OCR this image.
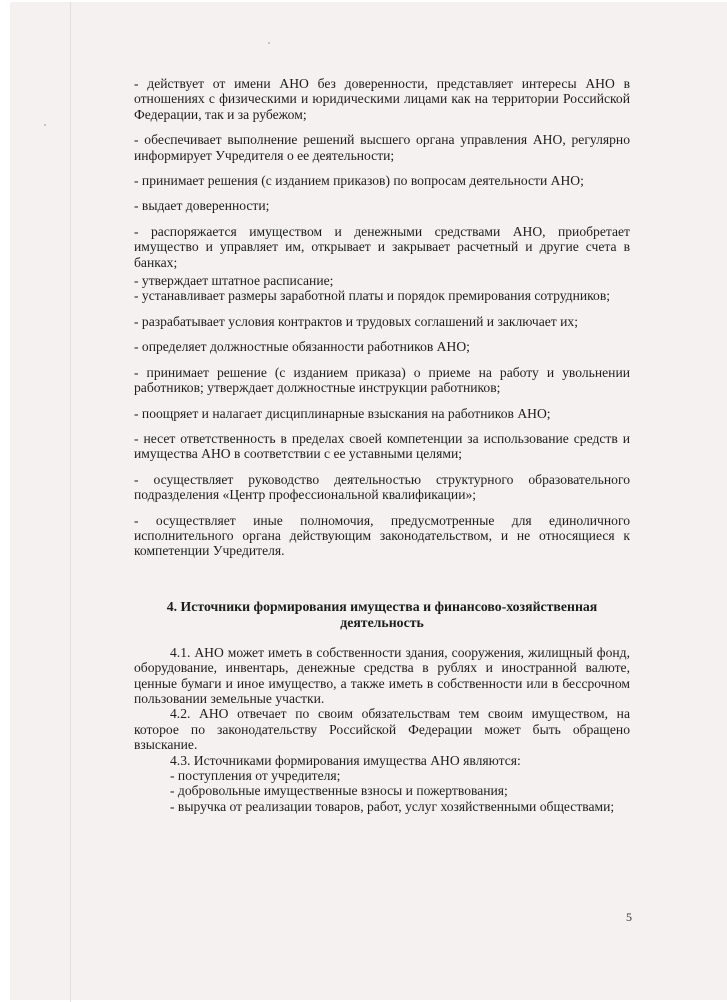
- действует от имени АНО без доверенности, представляет интересы АНО в отношениях с физическими и юридическими лицами как на территории Российской Федерации, так и за рубежом;

- обеспечивает выполнение решений высшего органа управления АНО, регулярно информирует Учредителя о ее деятельности;

- принимает решения (с изданием приказов) по вопросам деятельности АНО;

- выдает доверенности;

- распоряжается имуществом и денежными средствами АНО, приобретает имущество и управляет им, открывает и закрывает расчетный и другие счета в банках;

- утверждает штатное расписание;

- устанавливает размеры заработной платы и порядок премирования сотрудников;

- разрабатывает условия контрактов и трудовых соглашений и заключает их;

- определяет должностные обязанности работников АНО;

- принимает решение (с изданием приказа) о приеме на работу и увольнении работников; утверждает должностные инструкции работников;

- поощряет и налагает дисциплинарные взыскания на работников АНО;

- несет ответственность в пределах своей компетенции за использование средств и имущества АНО в соответствии с ее уставными целями;

- осуществляет руководство деятельностью структурного образовательного подразделения «Центр профессиональной квалификации»;

- осуществляет иные полномочия, предусмотренные для единоличного исполнительного органа действующим законодательством, и не относящиеся к компетенции Учредителя.

4. Источники формирования имущества и финансово-хозяйственная деятельность

4.1. АНО может иметь в собственности здания, сооружения, жилищный фонд, оборудование, инвентарь, денежные средства в рублях и иностранной валюте, ценные бумаги и иное имущество, а также иметь в собственности или в бессрочном пользовании земельные участки.

4.2. АНО отвечает по своим обязательствам тем своим имуществом, на которое по законодательству Российской Федерации может быть обращено взыскание.

4.3. Источниками формирования имущества АНО являются:

- поступления от учредителя;

- добровольные имущественные взносы и пожертвования;

- выручка от реализации товаров, работ, услуг хозяйственными обществами;

5
